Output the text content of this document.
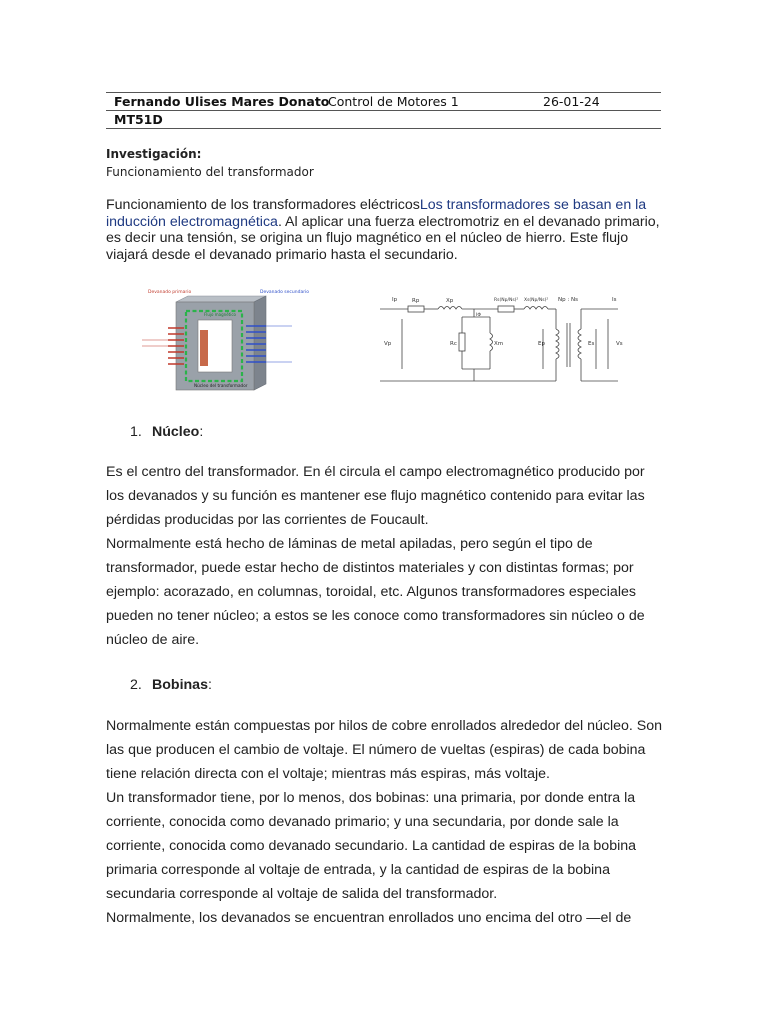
Fernando Ulises Mares Donato
Control de Motores 1	26-01-24
MT51D
Investigación:
Funcionamiento del transformador
Funcionamiento de los transformadores eléctricosLos transformadores se basan en la inducción electromagnética. Al aplicar una fuerza electromotriz en el devanado primario, es decir una tensión, se origina un flujo magnético en el núcleo de hierro. Este flujo viajará desde el devanado primario hasta el secundario.
Devanado primario	Devanado secundario
Flujo magnético
Núcleo del transformador
Ip	Rp	Xp	Rs(Np/Ns)² Xs(Np/Ns)² Np : Ns	Is
Vp	Ep	Es	Vs
IΦ
Rc	Xm
1. Núcleo:

Es el centro del transformador. En él circula el campo electromagnético producido por los devanados y su función es mantener ese flujo magnético contenido para evitar las pérdidas producidas por las corrientes de Foucault.

Normalmente está hecho de láminas de metal apiladas, pero según el tipo de transformador, puede estar hecho de distintos materiales y con distintas formas; por ejemplo: acorazado, en columnas, toroidal, etc. Algunos transformadores especiales pueden no tener núcleo; a estos se les conoce como transformadores sin núcleo o de núcleo de aire.

2. Bobinas:

Normalmente están compuestas por hilos de cobre enrollados alrededor del núcleo. Son las que producen el cambio de voltaje. El número de vueltas (espiras) de cada bobina tiene relación directa con el voltaje; mientras más espiras, más voltaje.

Un transformador tiene, por lo menos, dos bobinas: una primaria, por donde entra la corriente, conocida como devanado primario; y una secundaria, por donde sale la corriente, conocida como devanado secundario. La cantidad de espiras de la bobina primaria corresponde al voltaje de entrada, y la cantidad de espiras de la bobina secundaria corresponde al voltaje de salida del transformador.

Normalmente, los devanados se encuentran enrollados uno encima del otro —el de
